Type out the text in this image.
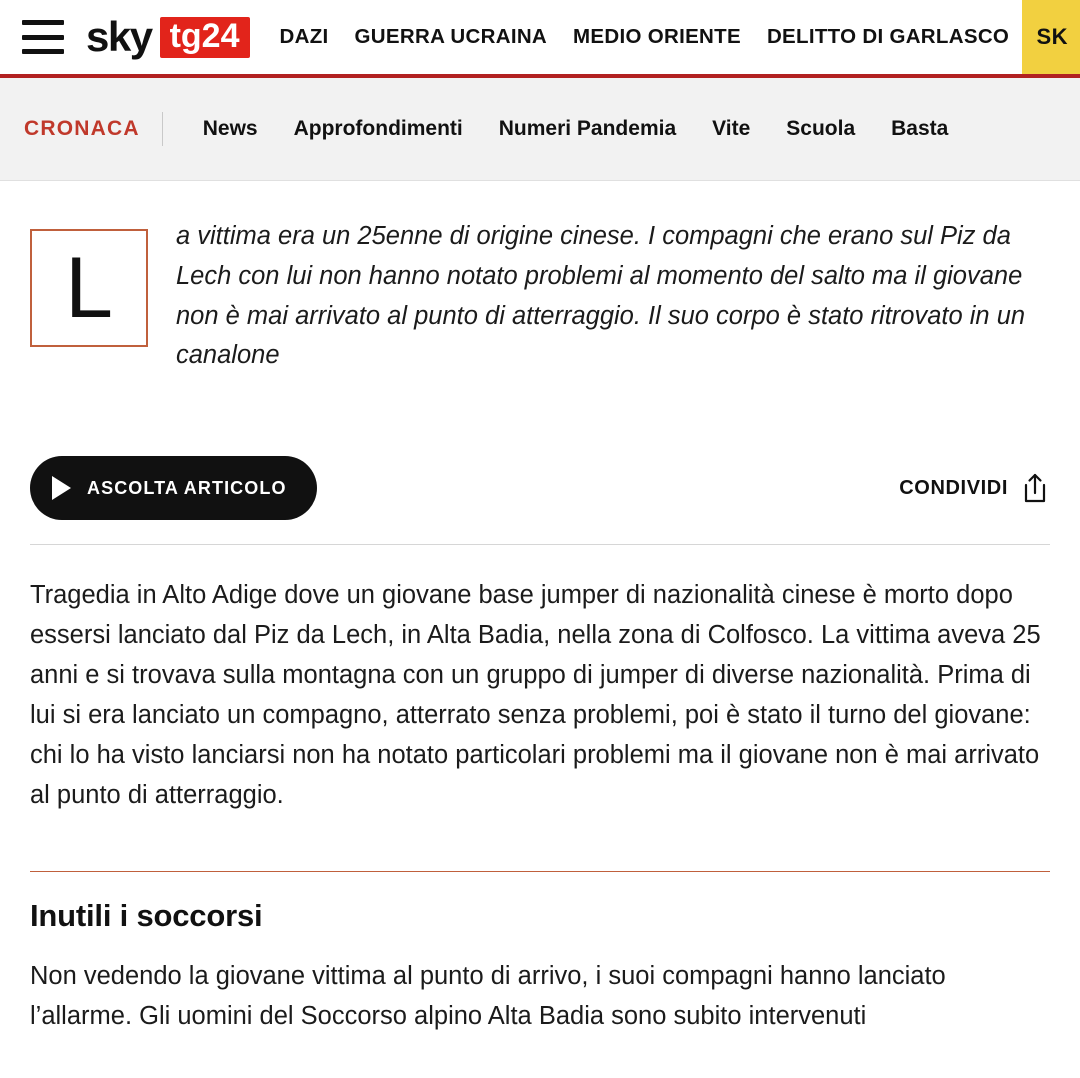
sky tg24	DAZI GUERRA UCRAINA MEDIO ORIENTE DELITTO DI GARLASCO	SK
CRONACA	News	Approfondimenti	Numeri Pandemia	Vite	Scuola	Basta

L
a vittima era un 25enne di origine cinese. I compagni che erano sul Piz da Lech con lui non hanno notato problemi al momento del salto ma il giovane non è mai arrivato al punto di atterraggio. Il suo corpo è stato ritrovato in un canalone

ASCOLTA ARTICOLO	CONDIVIDI

Tragedia in Alto Adige dove un giovane base jumper di nazionalità cinese è morto dopo essersi lanciato dal Piz da Lech, in Alta Badia, nella zona di Colfosco. La vittima aveva 25 anni e si trovava sulla montagna con un gruppo di jumper di diverse nazionalità. Prima di lui si era lanciato un compagno, atterrato senza problemi, poi è stato il turno del giovane: chi lo ha visto lanciarsi non ha notato particolari problemi ma il giovane non è mai arrivato al punto di atterraggio.

Inutili i soccorsi

Non vedendo la giovane vittima al punto di arrivo, i suoi compagni hanno lanciato l’allarme. Gli uomini del Soccorso alpino Alta Badia sono subito intervenuti
